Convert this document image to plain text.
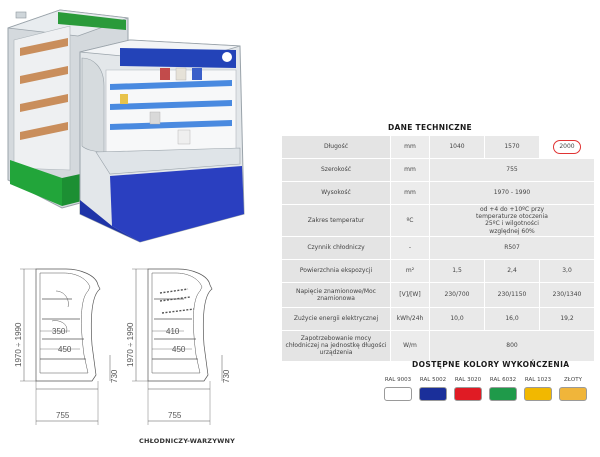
DANE TECHNICZNE
Długość	mm	1040	1570	2000
Szerokość	mm	755		
Wysokość	mm	1970 - 1990		
Zakres temperatur	ºC	od +4 do +10ºC przy temperaturze otoczenia 25ºC i wilgotności względnej 60%		
Czynnik chłodniczy	-	R507		
Powierzchnia ekspozycji	m²	1,5	2,4	3,0
Napięcie znamionowe/Moc znamionowa	[V]/[W]	230/700	230/1150	230/1340
Zużycie energii elektrycznej	kWh/24h	10,0	16,0	19,2
Zapotrzebowanie mocy chłodniczej na jednostkę długości urządzenia	W/m	800		
DOSTĘPNE KOLORY WYKOŃCZENIA
RAL 9003	RAL 5002	RAL 3020	RAL 6032	RAL 1023	ZŁOTY
1970 ÷ 1990	350
450
730
755
1970 ÷ 1990	410
450
730
755
CHŁODNICZY-WARZYWNY
